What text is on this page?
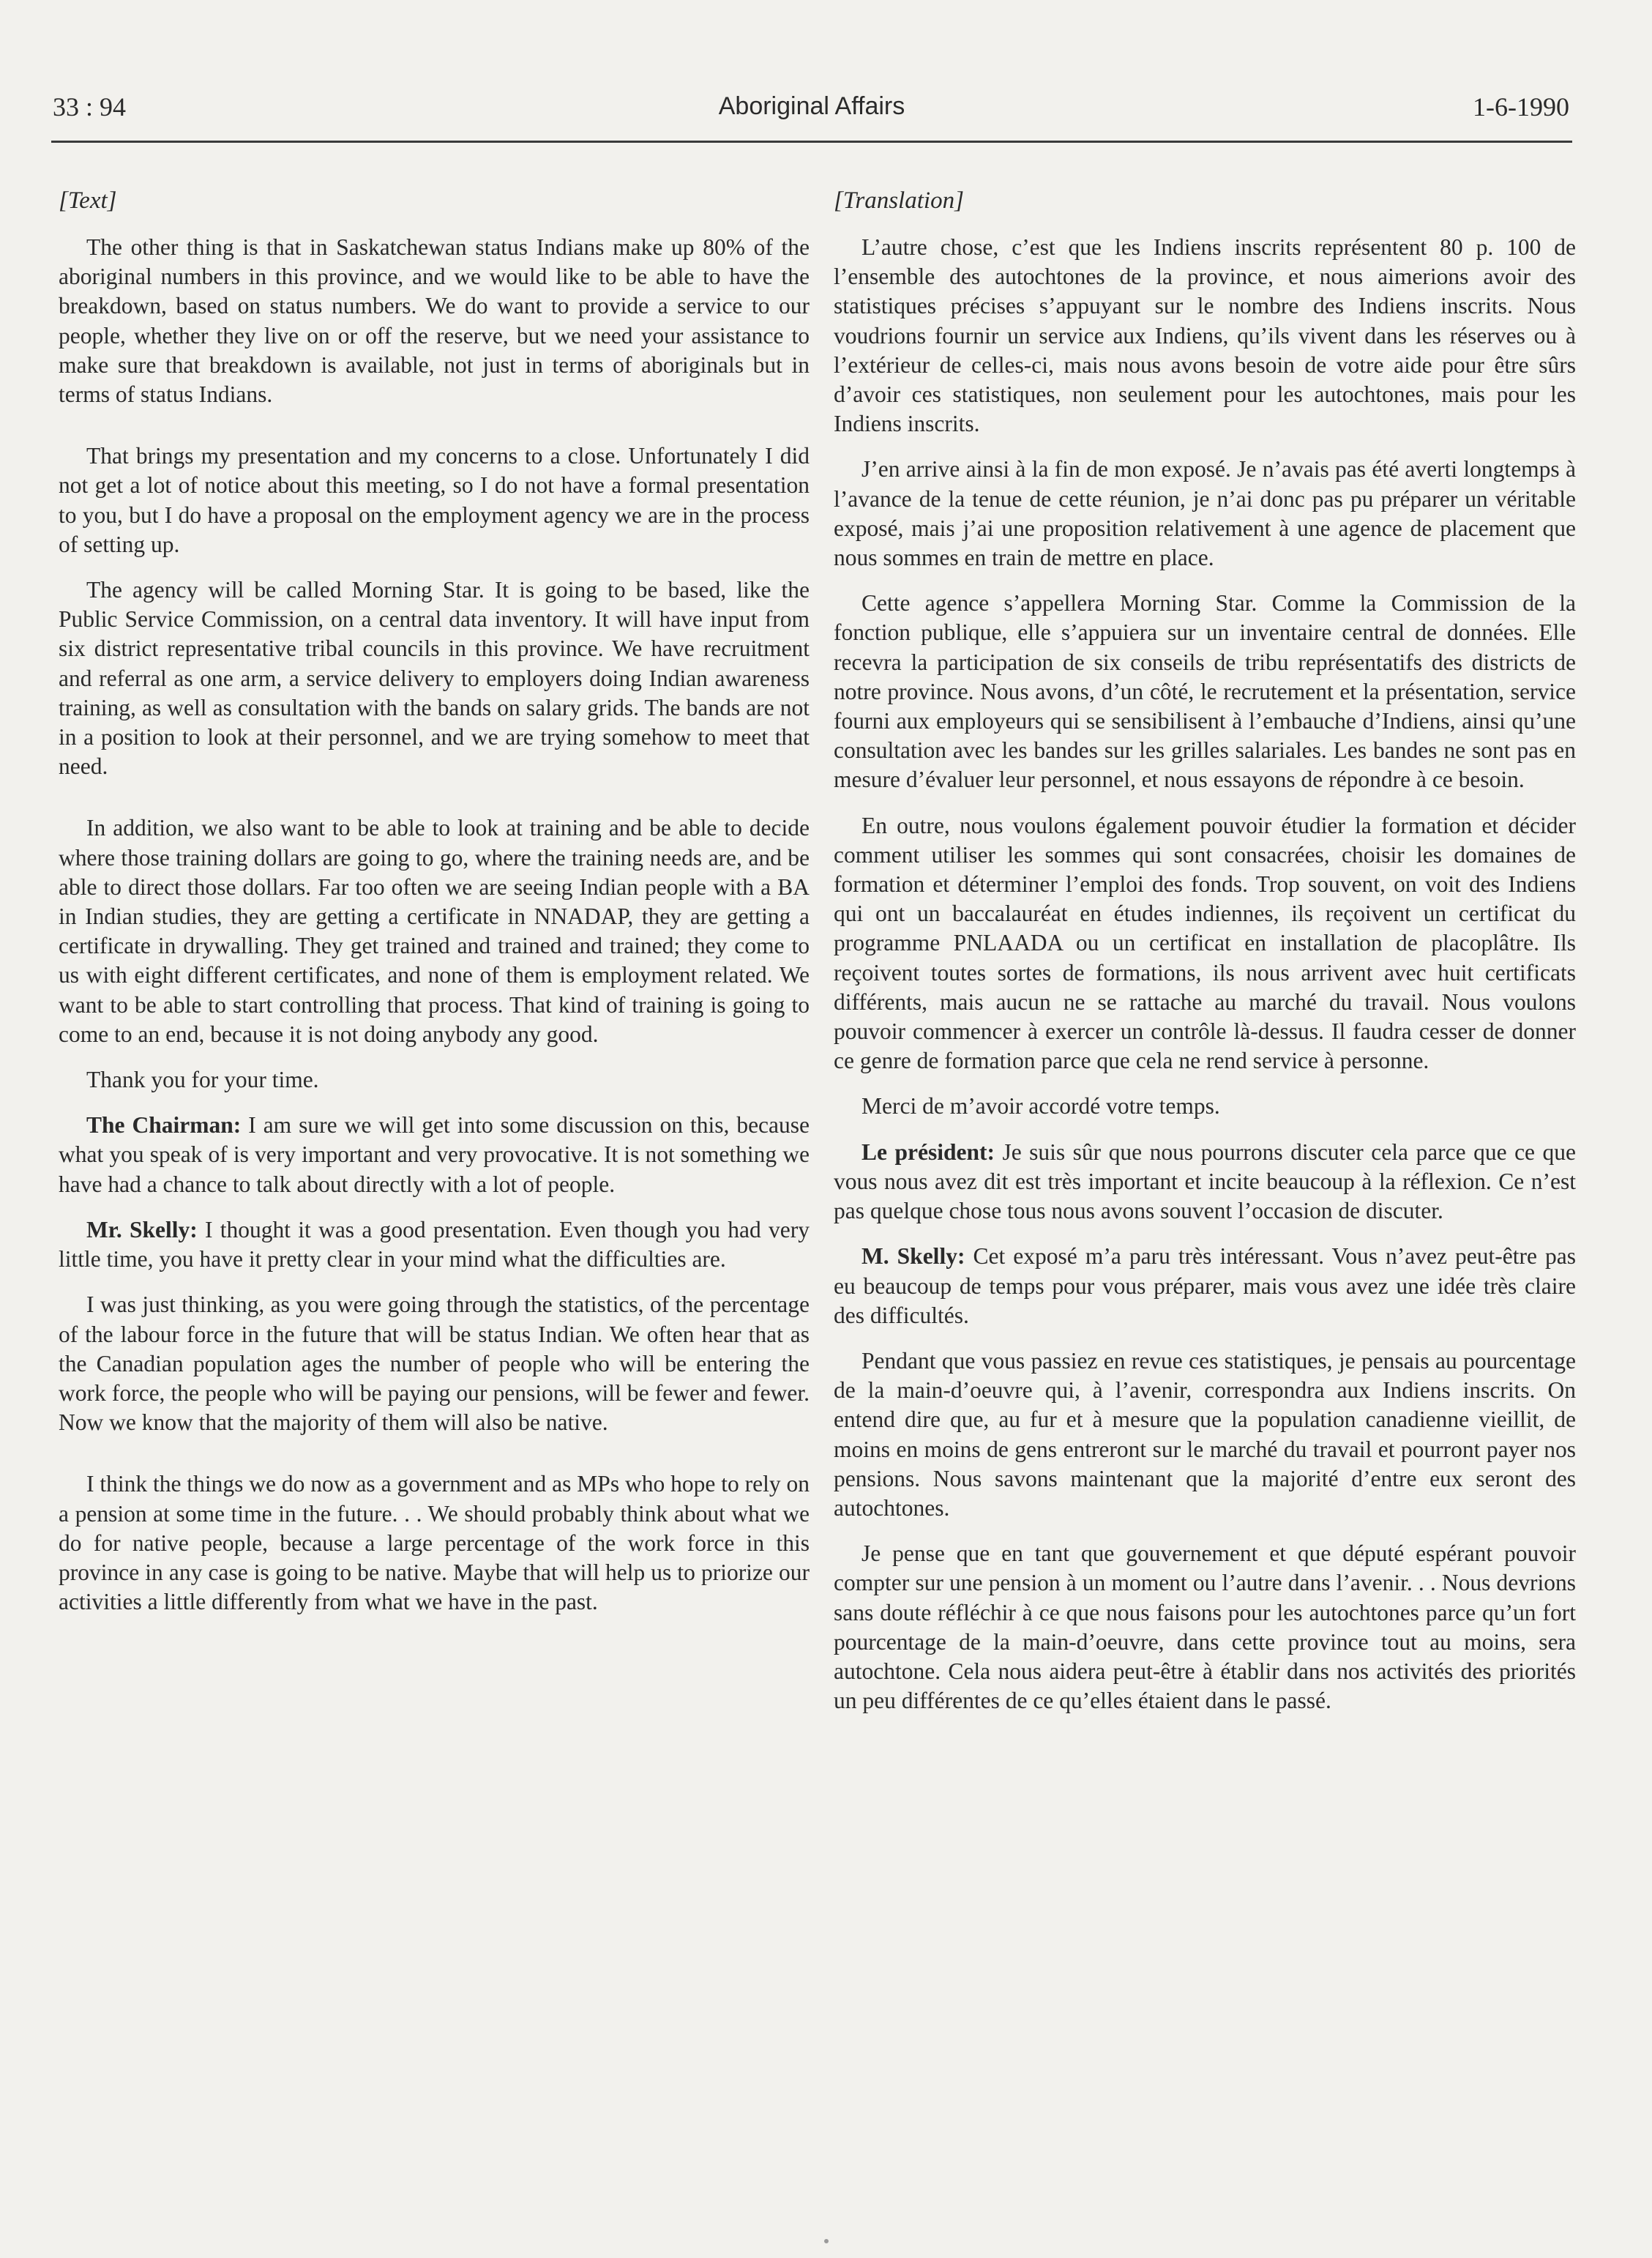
33 : 94	Aboriginal Affairs	1-6-1990

[Text]

The other thing is that in Saskatchewan status Indians make up 80% of the aboriginal numbers in this province, and we would like to be able to have the breakdown, based on status numbers. We do want to provide a service to our people, whether they live on or off the reserve, but we need your assistance to make sure that breakdown is available, not just in terms of aboriginals but in terms of status Indians.

That brings my presentation and my concerns to a close. Unfortunately I did not get a lot of notice about this meeting, so I do not have a formal presentation to you, but I do have a proposal on the employment agency we are in the process of setting up.

The agency will be called Morning Star. It is going to be based, like the Public Service Commission, on a central data inventory. It will have input from six district representative tribal councils in this province. We have recruitment and referral as one arm, a service delivery to employers doing Indian awareness training, as well as consultation with the bands on salary grids. The bands are not in a position to look at their personnel, and we are trying somehow to meet that need.

In addition, we also want to be able to look at training and be able to decide where those training dollars are going to go, where the training needs are, and be able to direct those dollars. Far too often we are seeing Indian people with a BA in Indian studies, they are getting a certificate in NNADAP, they are getting a certificate in drywalling. They get trained and trained and trained; they come to us with eight different certificates, and none of them is employment related. We want to be able to start controlling that process. That kind of training is going to come to an end, because it is not doing anybody any good.

Thank you for your time.

The Chairman: I am sure we will get into some discussion on this, because what you speak of is very important and very provocative. It is not something we have had a chance to talk about directly with a lot of people.

Mr. Skelly: I thought it was a good presentation. Even though you had very little time, you have it pretty clear in your mind what the difficulties are.

I was just thinking, as you were going through the statistics, of the percentage of the labour force in the future that will be status Indian. We often hear that as the Canadian population ages the number of people who will be entering the work force, the people who will be paying our pensions, will be fewer and fewer. Now we know that the majority of them will also be native.

I think the things we do now as a government and as MPs who hope to rely on a pension at some time in the future. . . We should probably think about what we do for native people, because a large percentage of the work force in this province in any case is going to be native. Maybe that will help us to priorize our activities a little differently from what we have in the past.

[Translation]

L’autre chose, c’est que les Indiens inscrits représentent 80 p. 100 de l’ensemble des autochtones de la province, et nous aimerions avoir des statistiques précises s’appuyant sur le nombre des Indiens inscrits. Nous voudrions fournir un service aux Indiens, qu’ils vivent dans les réserves ou à l’extérieur de celles-ci, mais nous avons besoin de votre aide pour être sûrs d’avoir ces statistiques, non seulement pour les autochtones, mais pour les Indiens inscrits.

J’en arrive ainsi à la fin de mon exposé. Je n’avais pas été averti longtemps à l’avance de la tenue de cette réunion, je n’ai donc pas pu préparer un véritable exposé, mais j’ai une proposition relativement à une agence de placement que nous sommes en train de mettre en place.

Cette agence s’appellera Morning Star. Comme la Commission de la fonction publique, elle s’appuiera sur un inventaire central de données. Elle recevra la participation de six conseils de tribu représentatifs des districts de notre province. Nous avons, d’un côté, le recrutement et la présentation, service fourni aux employeurs qui se sensibilisent à l’embauche d’Indiens, ainsi qu’une consultation avec les bandes sur les grilles salariales. Les bandes ne sont pas en mesure d’évaluer leur personnel, et nous essayons de répondre à ce besoin.

En outre, nous voulons également pouvoir étudier la formation et décider comment utiliser les sommes qui sont consacrées, choisir les domaines de formation et déterminer l’emploi des fonds. Trop souvent, on voit des Indiens qui ont un baccalauréat en études indiennes, ils reçoivent un certificat du programme PNLAADA ou un certificat en installation de placoplâtre. Ils reçoivent toutes sortes de formations, ils nous arrivent avec huit certificats différents, mais aucun ne se rattache au marché du travail. Nous voulons pouvoir commencer à exercer un contrôle là-dessus. Il faudra cesser de donner ce genre de formation parce que cela ne rend service à personne.

Merci de m’avoir accordé votre temps.

Le président: Je suis sûr que nous pourrons discuter cela parce que ce que vous nous avez dit est très important et incite beaucoup à la réflexion. Ce n’est pas quelque chose tous nous avons souvent l’occasion de discuter.

M. Skelly: Cet exposé m’a paru très intéressant. Vous n’avez peut-être pas eu beaucoup de temps pour vous préparer, mais vous avez une idée très claire des difficultés.

Pendant que vous passiez en revue ces statistiques, je pensais au pourcentage de la main-d’oeuvre qui, à l’avenir, correspondra aux Indiens inscrits. On entend dire que, au fur et à mesure que la population canadienne vieillit, de moins en moins de gens entreront sur le marché du travail et pourront payer nos pensions. Nous savons maintenant que la majorité d’entre eux seront des autochtones.

Je pense que en tant que gouvernement et que député espérant pouvoir compter sur une pension à un moment ou l’autre dans l’avenir. . . Nous devrions sans doute réfléchir à ce que nous faisons pour les autochtones parce qu’un fort pourcentage de la main-d’oeuvre, dans cette province tout au moins, sera autochtone. Cela nous aidera peut-être à établir dans nos activités des priorités un peu différentes de ce qu’elles étaient dans le passé.
